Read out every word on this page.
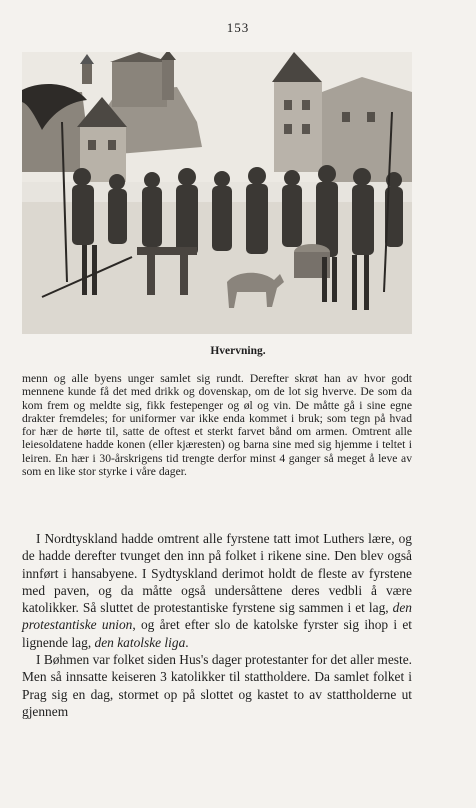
153
Hvervning.

menn og alle byens unger samlet sig rundt. Derefter skrøt han av hvor godt mennene kunde få det med drikk og dovenskap, om de lot sig hverve. De som da kom frem og meldte sig, fikk festepenger og øl og vin. De måtte gå i sine egne drakter fremdeles; for uniformer var ikke enda kommet i bruk; som tegn på hvad for hær de hørte til, satte de oftest et sterkt farvet bånd om armen. Omtrent alle leiesoldatene hadde konen (eller kjæresten) og barna sine med sig hjemme i teltet i leiren. En hær i 30-årskrigens tid trengte derfor minst 4 ganger så meget å leve av som en like stor styrke i våre dager.

I Nordtyskland hadde omtrent alle fyrstene tatt imot Luthers lære, og de hadde derefter tvunget den inn på folket i rikene sine. Den blev også innført i hansabyene. I Sydtyskland derimot holdt de fleste av fyrstene med paven, og da måtte også undersåttene deres vedbli å være katolikker. Så sluttet de protestantiske fyrstene sig sammen i et lag, den protestantiske union, og året efter slo de katolske fyrster sig ihop i et lignende lag, den katolske liga.

I Bøhmen var folket siden Hus's dager protestanter for det aller meste. Men så innsatte keiseren 3 katolikker til stattholdere. Da samlet folket i Prag sig en dag, stormet op på slottet og kastet to av stattholderne ut gjennem
